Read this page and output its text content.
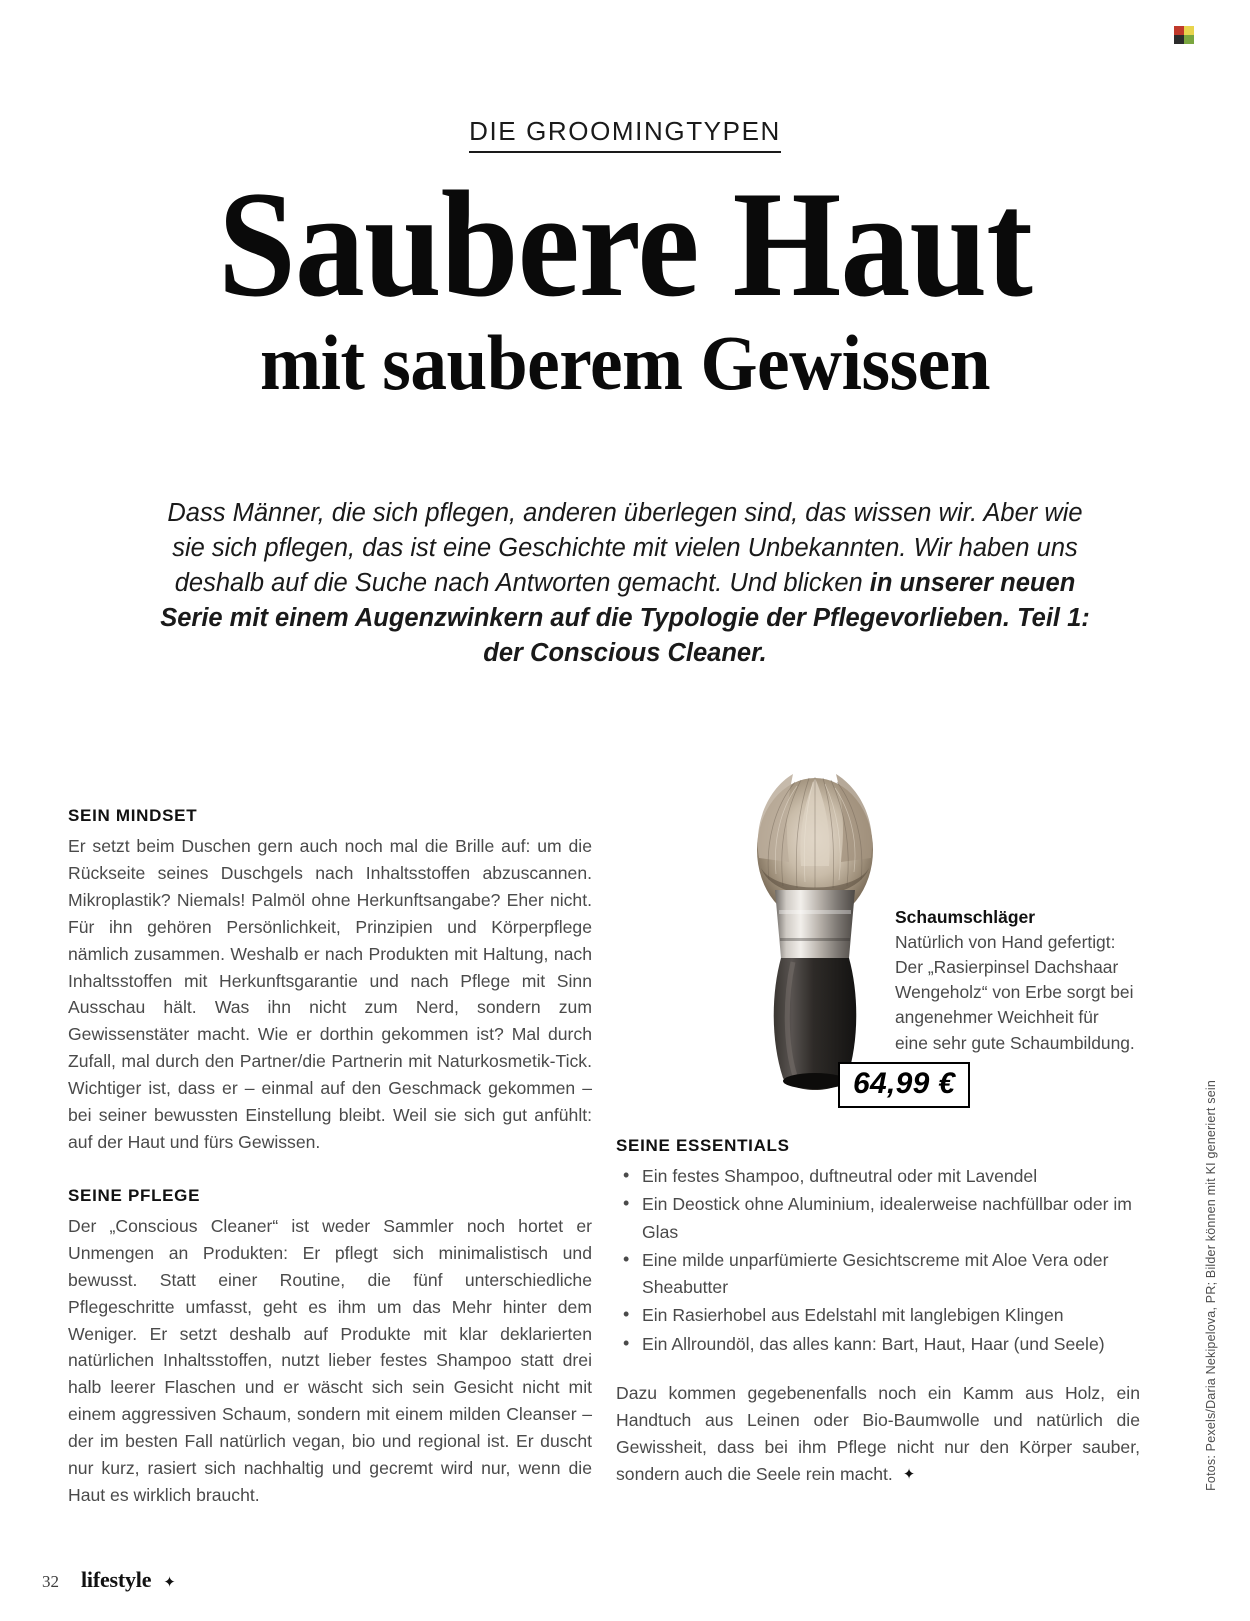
DIE GROOMINGTYPEN
Saubere Haut
mit sauberem Gewissen

Dass Männer, die sich pflegen, anderen überlegen sind, das wissen wir. Aber wie sie sich pflegen, das ist eine Geschichte mit vielen Unbekannten. Wir haben uns deshalb auf die Suche nach Antworten gemacht. Und blicken in unserer neuen Serie mit einem Augenzwinkern auf die Typologie der Pflegevorlieben. Teil 1: der Conscious Cleaner.

SEIN MINDSET

Er setzt beim Duschen gern auch noch mal die Brille auf: um die Rückseite seines Duschgels nach Inhaltsstoffen abzuscannen. Mikroplastik? Niemals! Palmöl ohne Herkunftsangabe? Eher nicht. Für ihn gehören Persönlichkeit, Prinzipien und Körperpflege nämlich zusammen. Weshalb er nach Produkten mit Haltung, nach Inhaltsstoffen mit Herkunftsgarantie und nach Pflege mit Sinn Ausschau hält. Was ihn nicht zum Nerd, sondern zum Gewissenstäter macht. Wie er dorthin gekommen ist? Mal durch Zufall, mal durch den Partner/die Partnerin mit Naturkosmetik-Tick. Wichtiger ist, dass er – einmal auf den Geschmack gekommen – bei seiner bewussten Einstellung bleibt. Weil sie sich gut anfühlt: auf der Haut und fürs Gewissen.

SEINE PFLEGE

Der „Conscious Cleaner“ ist weder Sammler noch hortet er Unmengen an Produkten: Er pflegt sich minimalistisch und bewusst. Statt einer Routine, die fünf unterschiedliche Pflegeschritte umfasst, geht es ihm um das Mehr hinter dem Weniger. Er setzt deshalb auf Produkte mit klar deklarierten natürlichen Inhaltsstoffen, nutzt lieber festes Shampoo statt drei halb leerer Flaschen und er wäscht sich sein Gesicht nicht mit einem aggressiven Schaum, sondern mit einem milden Cleanser – der im besten Fall natürlich vegan, bio und regional ist. Er duscht nur kurz, rasiert sich nachhaltig und gecremt wird nur, wenn die Haut es wirklich braucht.

Schaumschläger

Natürlich von Hand gefertigt: Der „Rasierpinsel Dachshaar Wengeholz“ von Erbe sorgt bei angenehmer Weichheit für eine sehr gute Schaumbildung.

64,99 €
SEINE ESSENTIALS
• Ein festes Shampoo, duftneutral oder mit Lavendel
• Ein Deostick ohne Aluminium, idealerweise nachfüllbar oder im Glas
• Eine milde unparfümierte Gesichtscreme mit Aloe Vera oder Sheabutter
• Ein Rasierhobel aus Edelstahl mit langlebigen Klingen
• Ein Allroundöl, das alles kann: Bart, Haut, Haar (und Seele)

Dazu kommen gegebenenfalls noch ein Kamm aus Holz, ein Handtuch aus Leinen oder Bio-Baumwolle und natürlich die Gewissheit, dass bei ihm Pflege nicht nur den Körper sauber, sondern auch die Seele rein macht. ✦	Fotos: Pexels/Daria Nekipelova, PR; Bilder können mit KI generiert sein
32 lifestyle ✦
